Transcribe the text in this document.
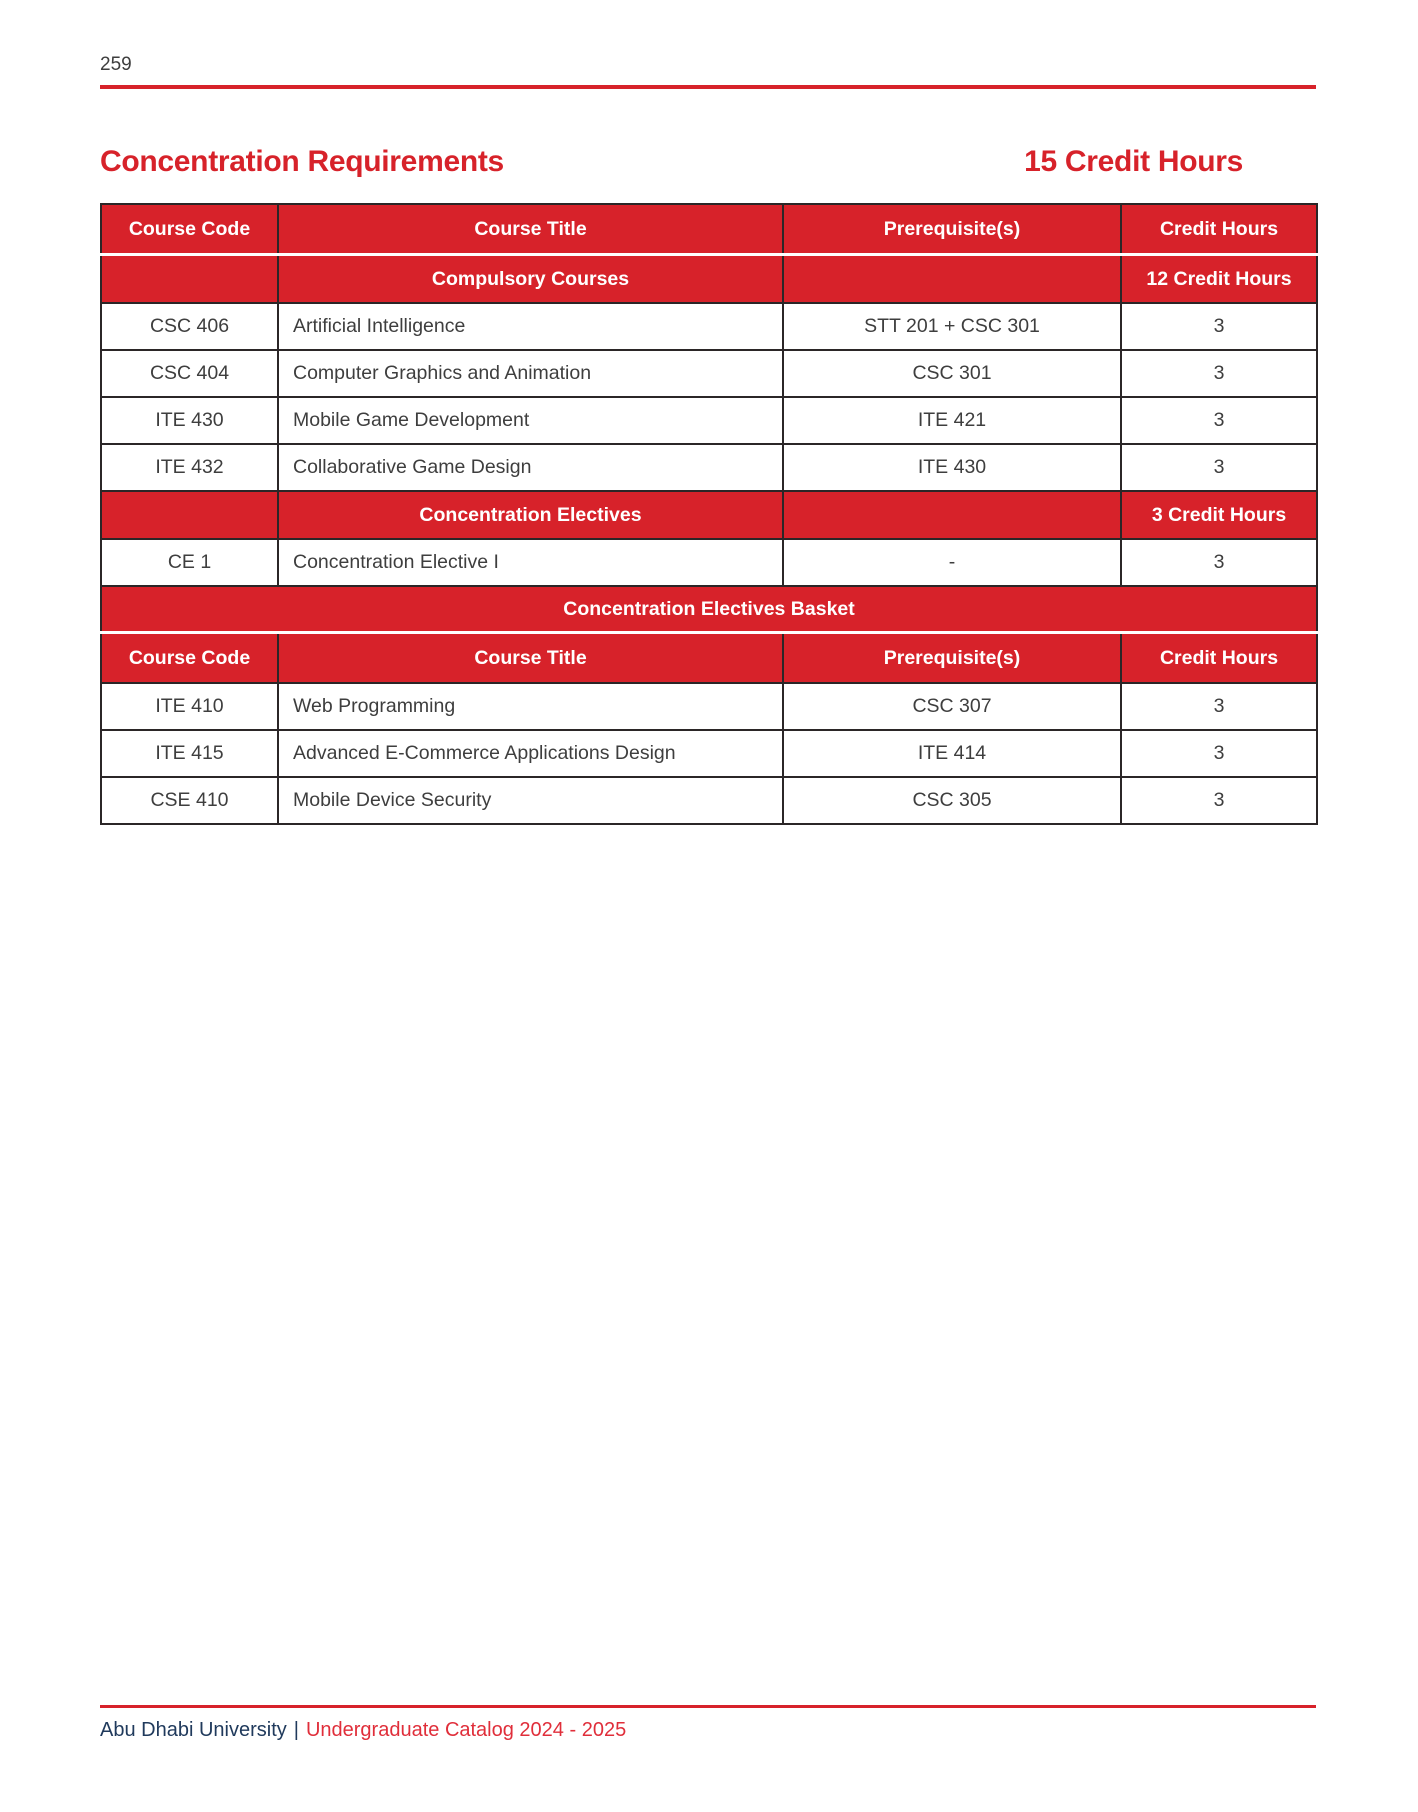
259
Concentration Requirements	15 Credit Hours
Course Code	Course Title	Prerequisite(s)	Credit Hours
	Compulsory Courses		12 Credit Hours
CSC 406	Artificial Intelligence	STT 201 + CSC 301	3
CSC 404	Computer Graphics and Animation	CSC 301	3
ITE 430	Mobile Game Development	ITE 421	3
ITE 432	Collaborative Game Design	ITE 430	3
	Concentration Electives		3 Credit Hours
CE 1	Concentration Elective I	-	3
Concentration Electives Basket			
Course Code	Course Title	Prerequisite(s)	Credit Hours
ITE 410	Web Programming	CSC 307	3
ITE 415	Advanced E-Commerce Applications Design	ITE 414	3
CSE 410	Mobile Device Security	CSC 305	3
Abu Dhabi University | Undergraduate Catalog 2024 - 2025
